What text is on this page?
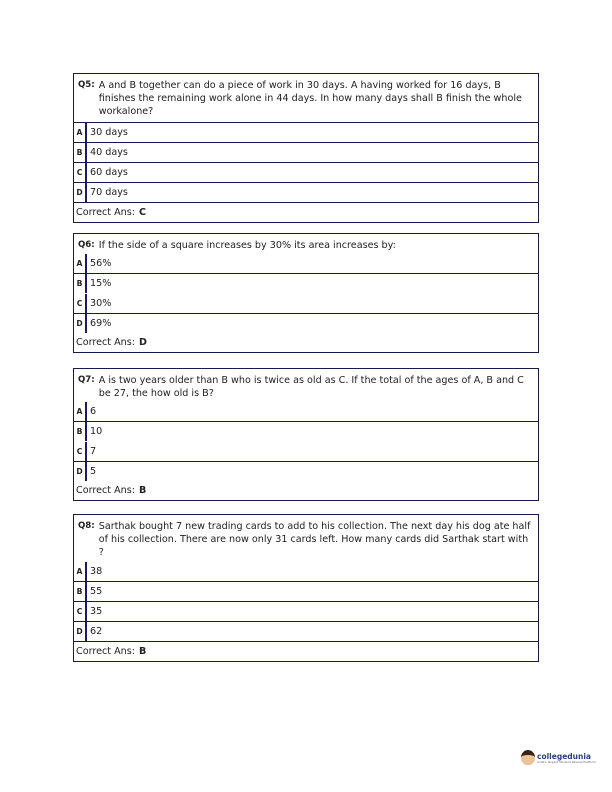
Q5: A and B together can do a piece of work in 30 days. A having worked for 16 days, B finishes the remaining work alone in 44 days. In how many days shall B finish the whole workalone?
A 30 days
B 40 days
C 60 days
D 70 days
Correct Ans: C
Q6: If the side of a square increases by 30% its area increases by:
A 56%
B 15%
C 30%
D 69%
Correct Ans: D
Q7: A is two years older than B who is twice as old as C. If the total of the ages of A, B and C be 27, the how old is B?
A 6
B 10
C 7
D 5
Correct Ans: B
Q8: Sarthak bought 7 new trading cards to add to his collection. The next day his dog ate half of his collection. There are now only 31 cards left. How many cards did Sarthak start with ?
A 38
B 55
C 35
D 62
Correct Ans: B
collegedunia
India's largest Student Review Platform
